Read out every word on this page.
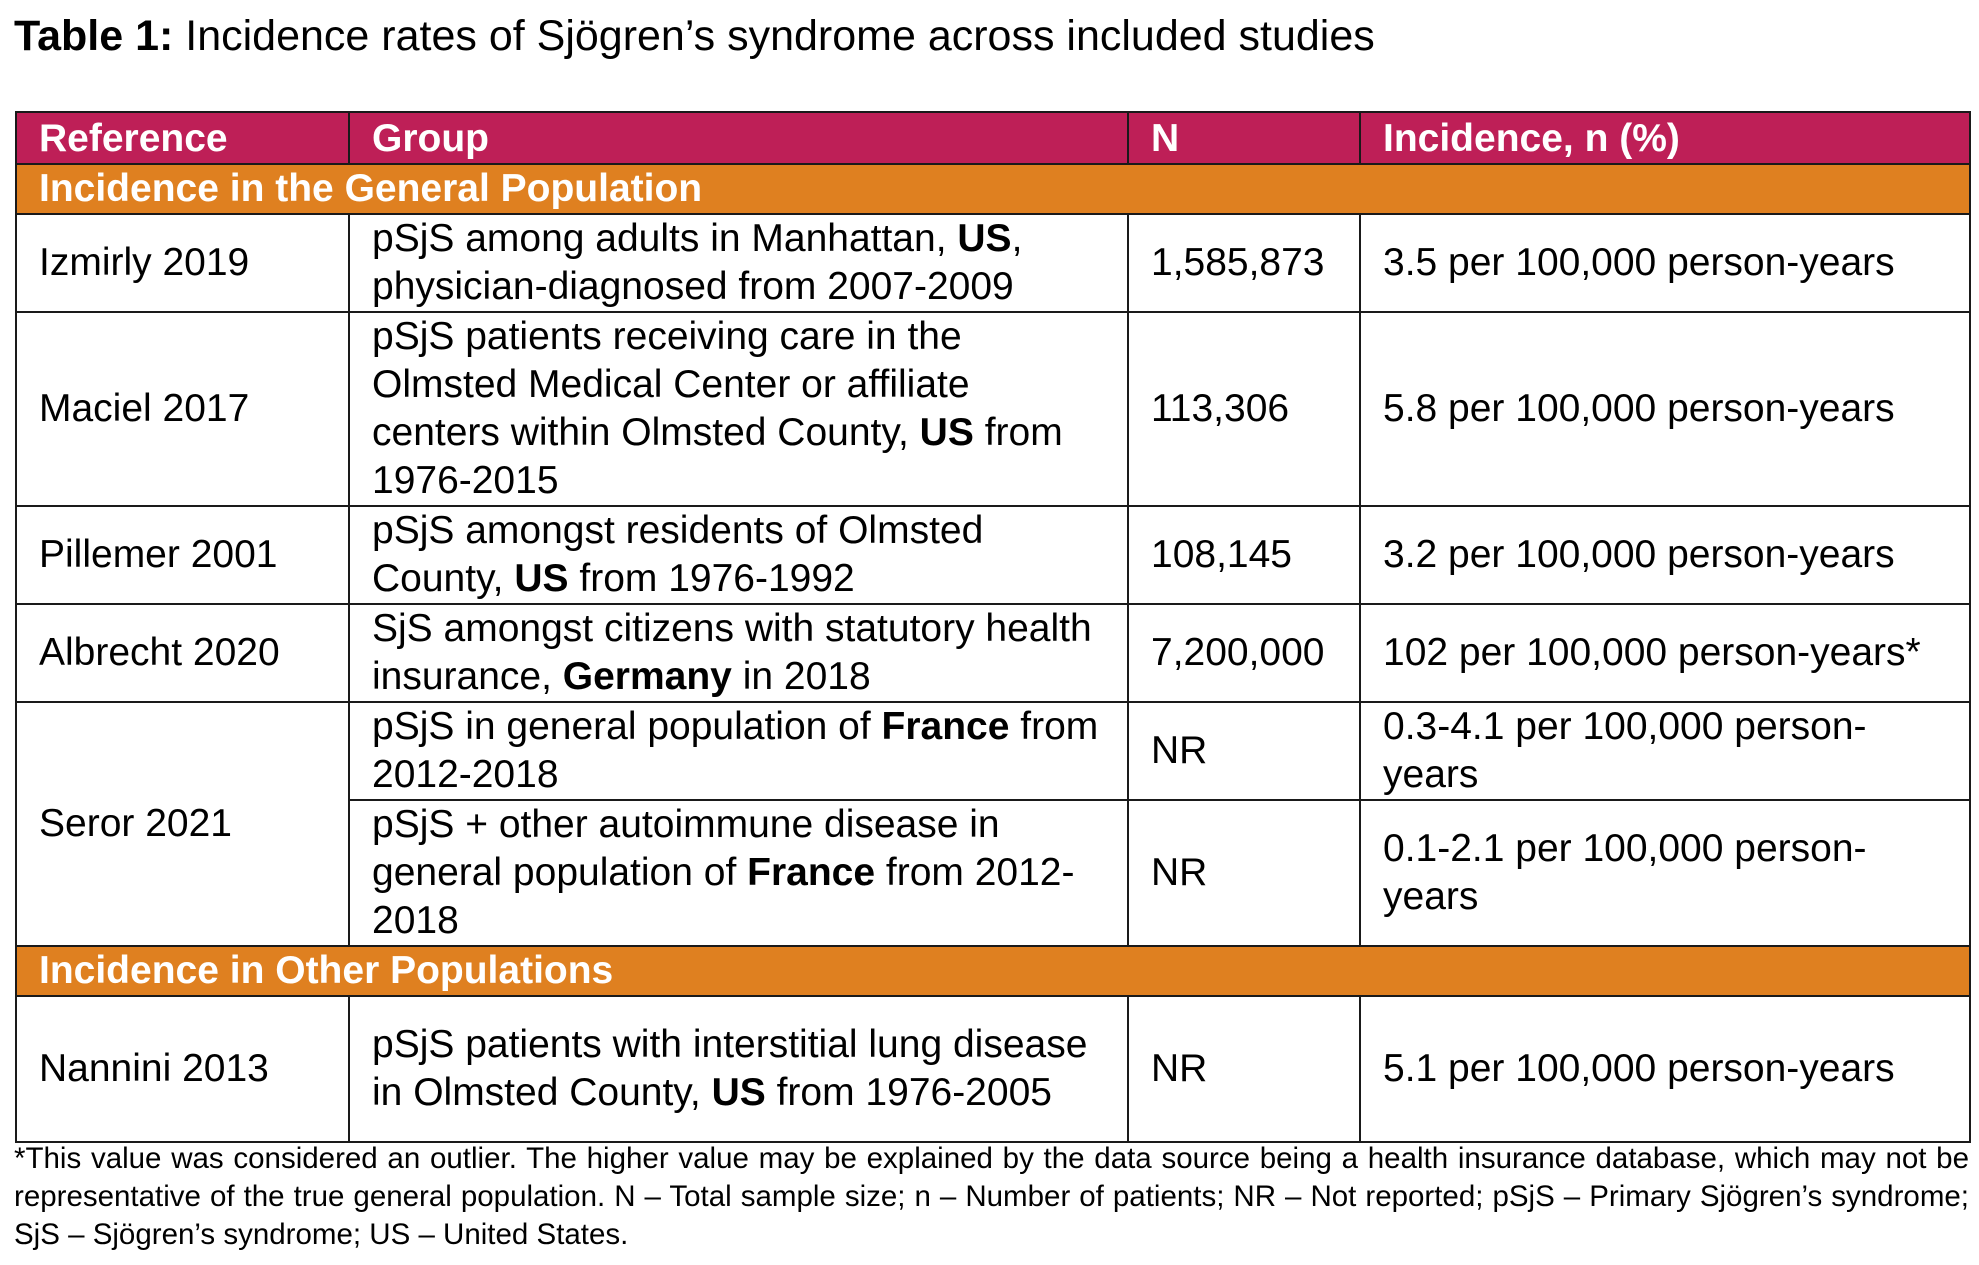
Table 1: Incidence rates of Sjögren’s syndrome across included studies
Reference	Group	N	Incidence, n (%)
Incidence in the General Population			
Izmirly 2019	pSjS among adults in Manhattan, US, physician-diagnosed from 2007-2009	1,585,873	3.5 per 100,000 person-years
Maciel 2017	pSjS patients receiving care in the Olmsted Medical Center or affiliate centers within Olmsted County, US from 1976-2015	113,306	5.8 per 100,000 person-years
Pillemer 2001	pSjS amongst residents of Olmsted County, US from 1976-1992	108,145	3.2 per 100,000 person-years
Albrecht 2020	SjS amongst citizens with statutory health insurance, Germany in 2018	7,200,000	102 per 100,000 person-years*
Seror 2021	pSjS in general population of France from 2012-2018	NR	0.3-4.1 per 100,000 person-years
	pSjS + other autoimmune disease in general population of France from 2012-2018	NR	0.1-2.1 per 100,000 person-years
Incidence in Other Populations			
Nannini 2013	pSjS patients with interstitial lung disease in Olmsted County, US from 1976-2005	NR	5.1 per 100,000 person-years
*This value was considered an outlier. The higher value may be explained by the data source being a health insurance database, which may not be representative of the true general population. N – Total sample size; n – Number of patients; NR – Not reported; pSjS – Primary Sjögren’s syndrome; SjS – Sjögren’s syndrome; US – United States.
